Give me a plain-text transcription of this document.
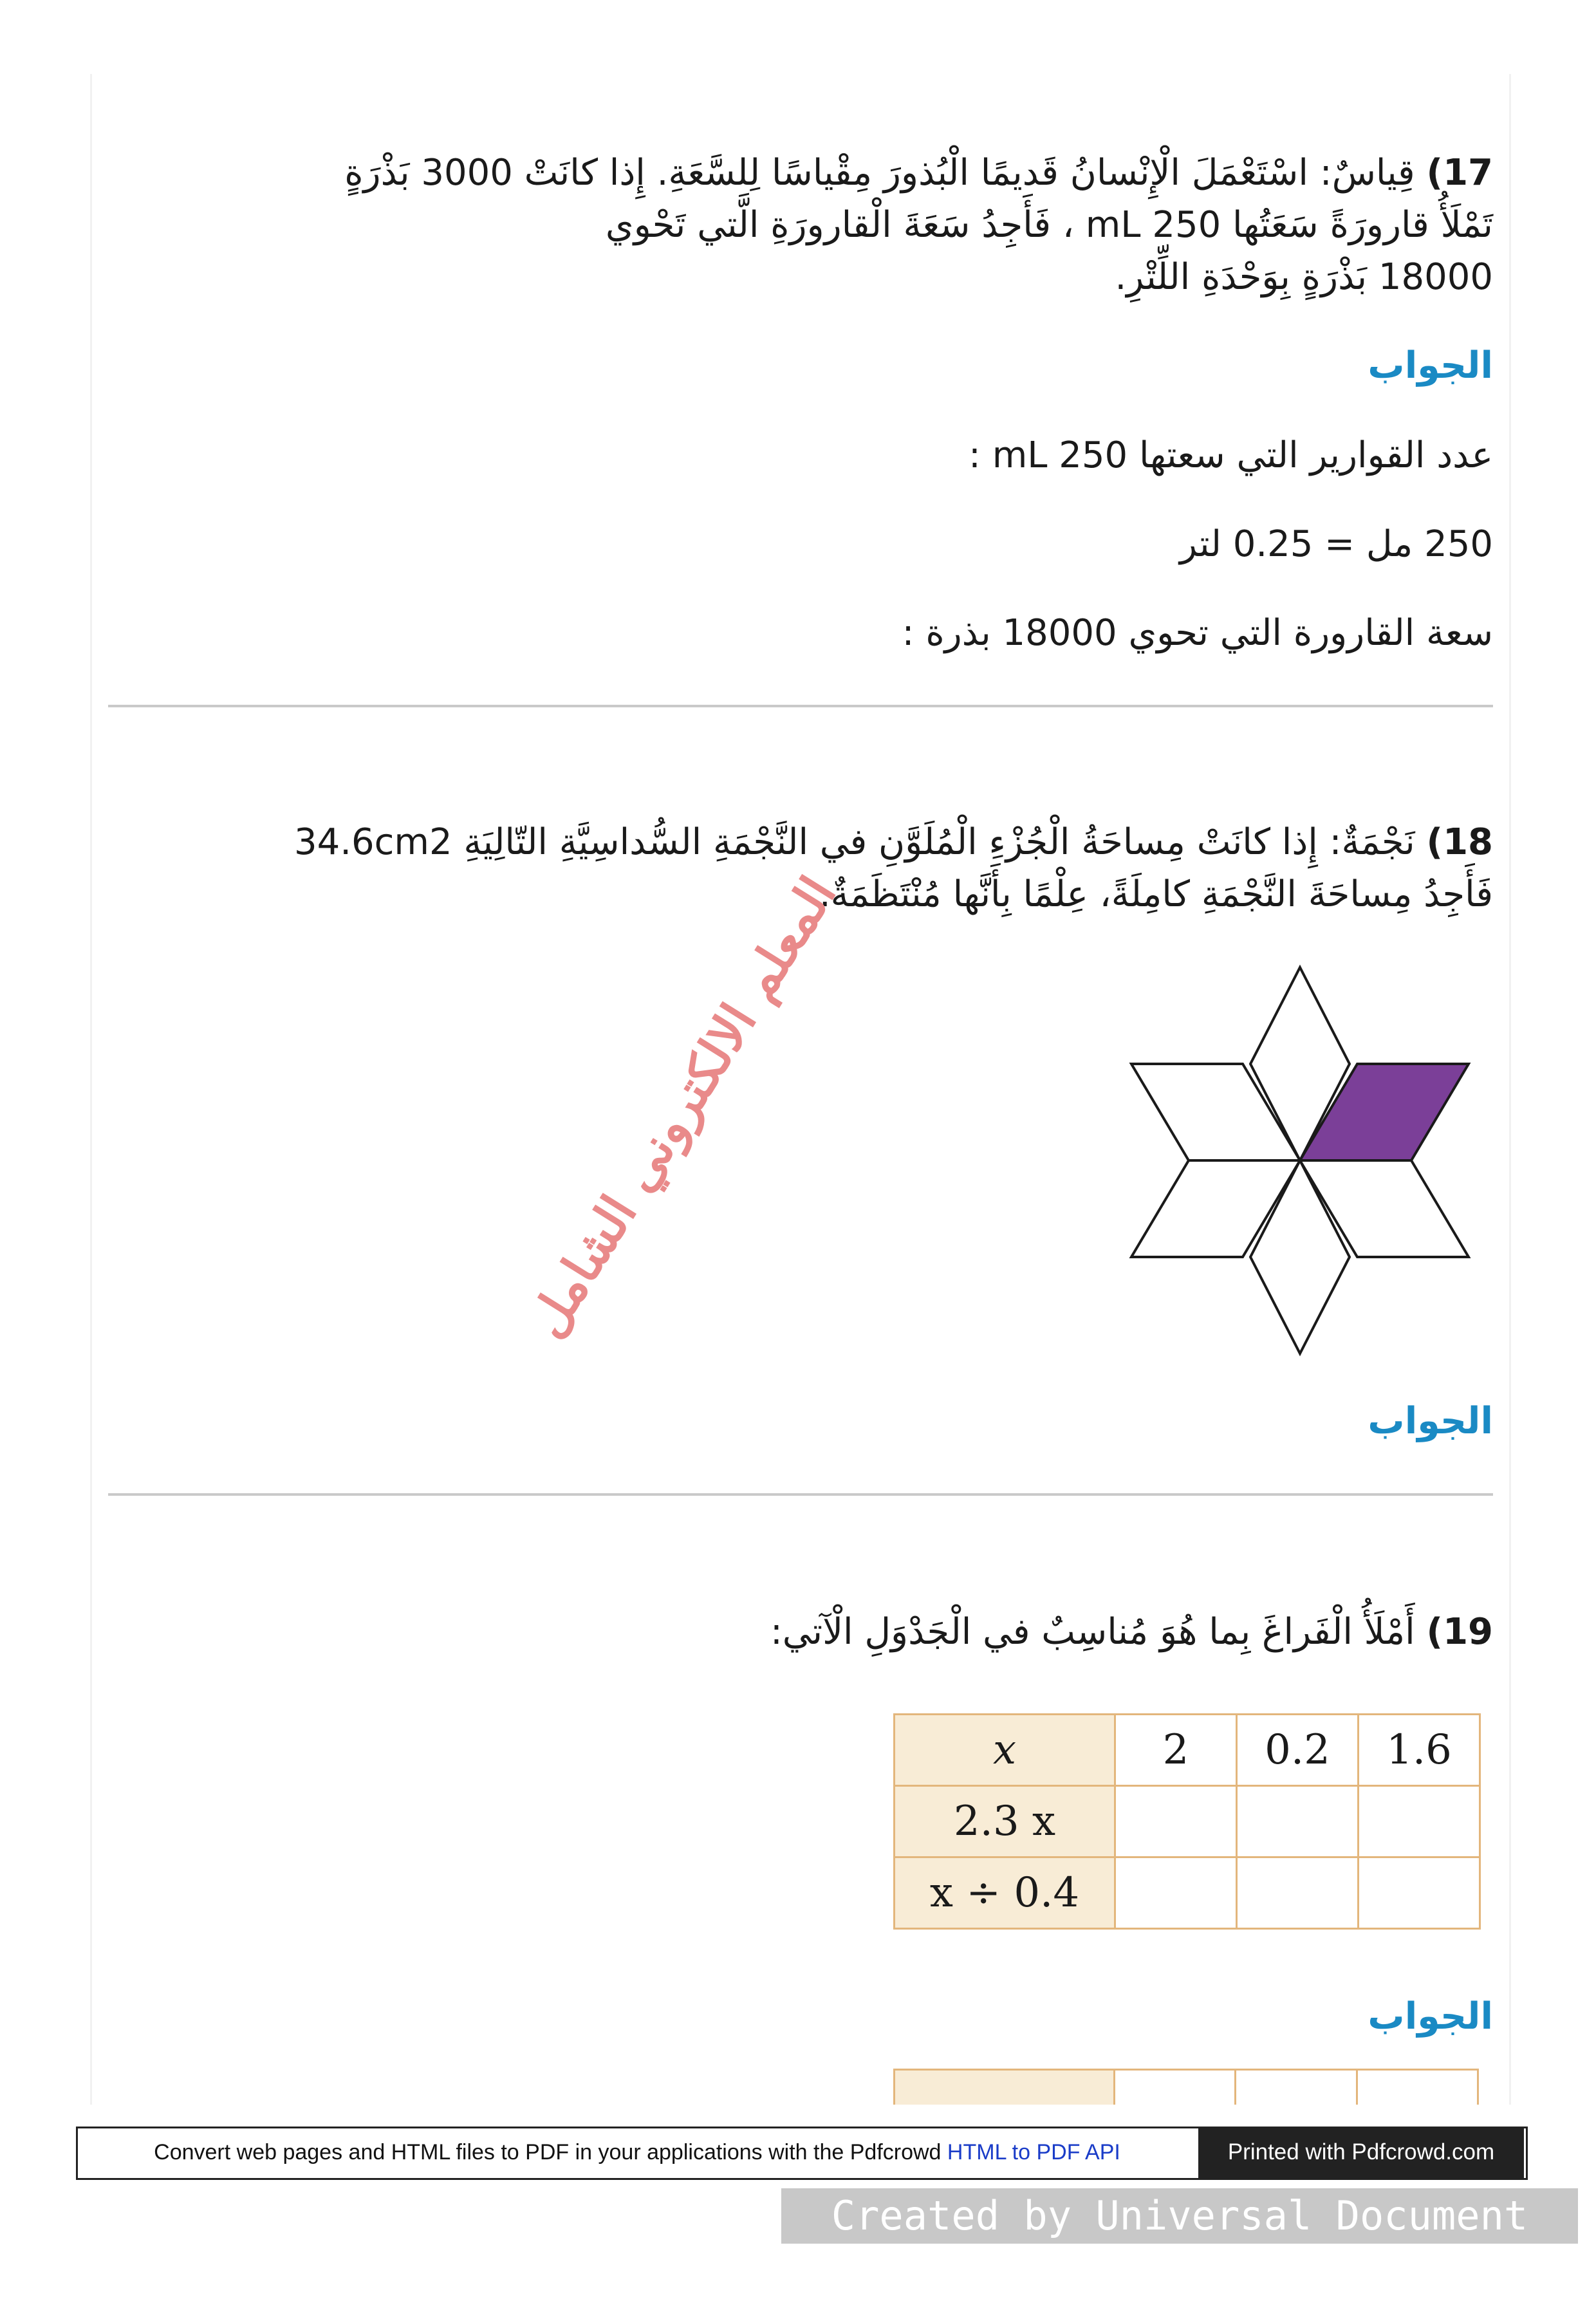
17) قِياسٌ: اسْتَعْمَلَ الْإِنْسانُ قَديمًا الْبُذورَ مِقْياسًا لِلسَّعَةِ. إِذا كانَتْ 3000 بَذْرَةٍ
تَمْلَأُ قارورَةً سَعَتُها 250 mL ، فَأَجِدُ سَعَةَ الْقارورَةِ الَّتي تَحْوي
18000 بَذْرَةٍ بِوَحْدَةِ اللِّتْرِ.
الجواب
عدد القوارير التي سعتها 250 mL :
250 مل = 0.25 لتر
سعة القارورة التي تحوي 18000 بذرة :
18) نَجْمَةٌ: إِذا كانَتْ مِساحَةُ الْجُزْءِ الْمُلَوَّنِ في النَّجْمَةِ السُّداسِيَّةِ التّالِيَةِ 34.6cm2
فَأَجِدُ مِساحَةَ النَّجْمَةِ كامِلَةً، عِلْمًا بِأَنَّها مُنْتَظَمَةٌ.
المعلم الالكتروني الشامل
الجواب
19) أَمْلَأُ الْفَراغَ بِما هُوَ مُناسِبٌ في الْجَدْوَلِ الْآتي:
x	2	0.2	1.6
2.3 x			
x ÷ 0.4			
الجواب

Convert web pages and HTML files to PDF in your applications with the Pdfcrowd HTML to PDF API	Printed with Pdfcrowd.com
Created by Universal Document Converter
